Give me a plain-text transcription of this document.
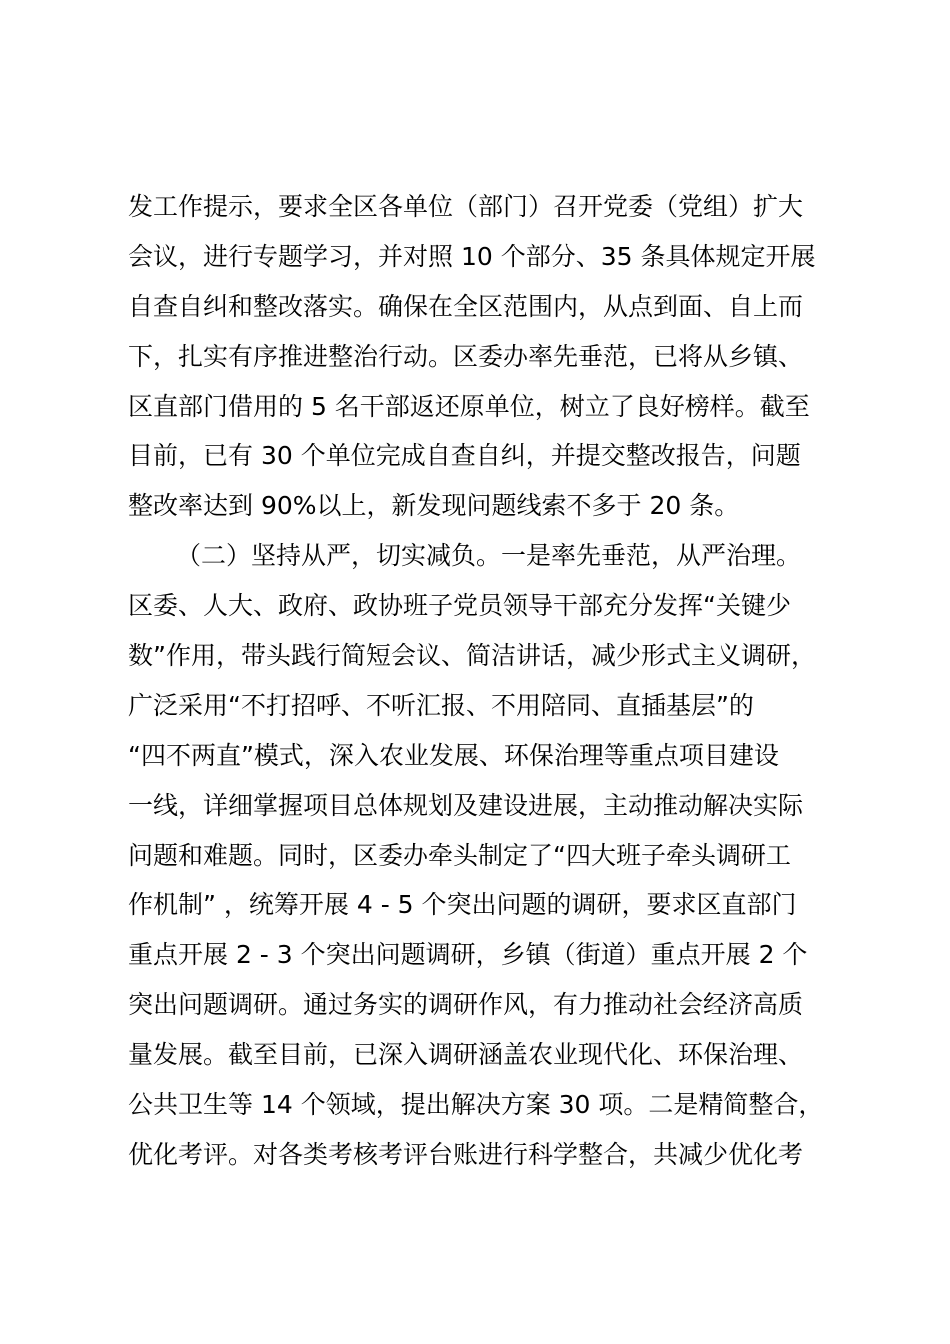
发工作提示，要求全区各单位（部门）召开党委（党组）扩大
会议，进行专题学习，并对照 10 个部分、35 条具体规定开展
自查自纠和整改落实。确保在全区范围内，从点到面、自上而
下，扎实有序推进整治行动。区委办率先垂范，已将从乡镇、
区直部门借用的 5 名干部返还原单位，树立了良好榜样。截至
目前，已有 30 个单位完成自查自纠，并提交整改报告，问题
整改率达到 90%以上，新发现问题线索不多于 20 条。
（二）坚持从严，切实减负。一是率先垂范，从严治理。
区委、人大、政府、政协班子党员领导干部充分发挥“关键少
数”作用，带头践行简短会议、简洁讲话，减少形式主义调研，
广泛采用“不打招呼、不听汇报、不用陪同、直插基层”的
“四不两直”模式，深入农业发展、环保治理等重点项目建设
一线，详细掌握项目总体规划及建设进展，主动推动解决实际
问题和难题。同时，区委办牵头制定了“四大班子牵头调研工
作机制” ，统筹开展 4 - 5 个突出问题的调研，要求区直部门
重点开展 2 - 3 个突出问题调研，乡镇（街道）重点开展 2 个
突出问题调研。通过务实的调研作风，有力推动社会经济高质
量发展。截至目前，已深入调研涵盖农业现代化、环保治理、
公共卫生等 14 个领域，提出解决方案 30 项。二是精简整合，
优化考评。对各类考核考评台账进行科学整合，共减少优化考
